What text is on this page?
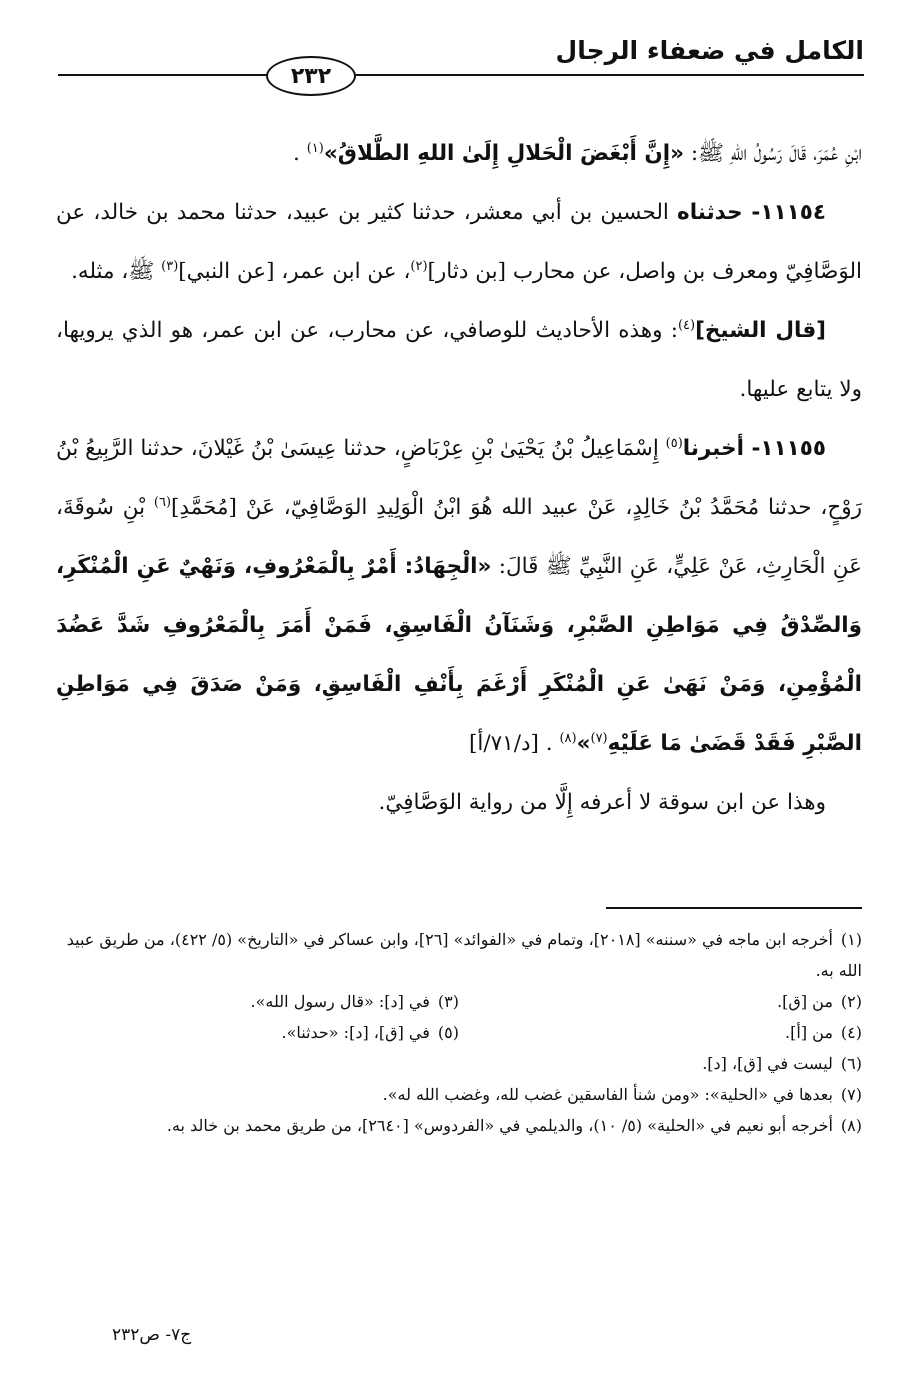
الكامل في ضعفاء الرجال
٢٣٢

ابْنِ عُمَرَ، قَالَ رَسُولُ اللهِ ﷺ: «إِنَّ أَبْغَضَ الْحَلالِ إِلَىٰ اللهِ الطَّلاقُ»$^{(١)}$ .

١١١٥٤- حدثناه الحسين بن أبي معشر، حدثنا كثير بن عبيد، حدثنا محمد بن خالد، عن الوَصَّافِيّ ومعرف بن واصل، عن محارب [بن دثار]$^{(٢)}$، عن ابن عمر، [عن النبي]$^{(٣)}$ ﷺ، مثله.

[قال الشيخ]$^{(٤)}$: وهذه الأحاديث للوصافي، عن محارب، عن ابن عمر، هو الذي يرويها، ولا يتابع عليها.

١١١٥٥- أخبرنا$^{(٥)}$ إِسْمَاعِيلُ بْنُ يَحْيَىٰ بْنِ عِرْبَاضٍ، حدثنا عِيسَىٰ بْنُ غَيْلانَ، حدثنا الرَّبِيعُ بْنُ رَوْحٍ، حدثنا مُحَمَّدُ بْنُ خَالِدٍ، عَنْ عبيد الله هُوَ ابْنُ الْوَلِيدِ الوَصَّافِيّ، عَنْ [مُحَمَّدِ]$^{(٦)}$ بْنِ سُوقَةَ، عَنِ الْحَارِثِ، عَنْ عَلِيٍّ، عَنِ النَّبِيِّ ﷺ قَالَ: «الْجِهَادُ: أَمْرٌ بِالْمَعْرُوفِ، وَنَهْيٌ عَنِ الْمُنْكَرِ، وَالصِّدْقُ فِي مَوَاطِنِ الصَّبْرِ، وَشَنَآنُ الْفَاسِقِ، فَمَنْ أَمَرَ بِالْمَعْرُوفِ شَدَّ عَضُدَ الْمُؤْمِنِ، وَمَنْ نَهَىٰ عَنِ الْمُنْكَرِ أَرْغَمَ بِأَنْفِ الْفَاسِقِ، وَمَنْ صَدَقَ فِي مَوَاطِنِ الصَّبْرِ فَقَدْ قَضَىٰ مَا عَلَيْهِ$^{(٧)}$»$^{(٨)}$ . [د/٧١/أ]

وهذا عن ابن سوقة لا أعرفه إِلَّا من رواية الوَصَّافِيّ.

(١)أخرجه ابن ماجه في «سننه» [٢٠١٨]، وتمام في «الفوائد» [٢٦]، وابن عساكر في «التاريخ» (٥/ ٤٢٢)، من طريق عبيد الله به.

(٢)من [ق].

(٣)في [د]: «قال رسول الله».

(٤)من [أ].

(٥)في [ق]، [د]: «حدثنا».

(٦)ليست في [ق]، [د].

(٧)بعدها في «الحلية»: «ومن شنأ الفاسقين غضب لله، وغضب الله له».

(٨)أخرجه أبو نعيم في «الحلية» (٥/ ١٠)، والديلمي في «الفردوس» [٢٦٤٠]، من طريق محمد بن خالد به.

ج٧- ص٢٣٢
